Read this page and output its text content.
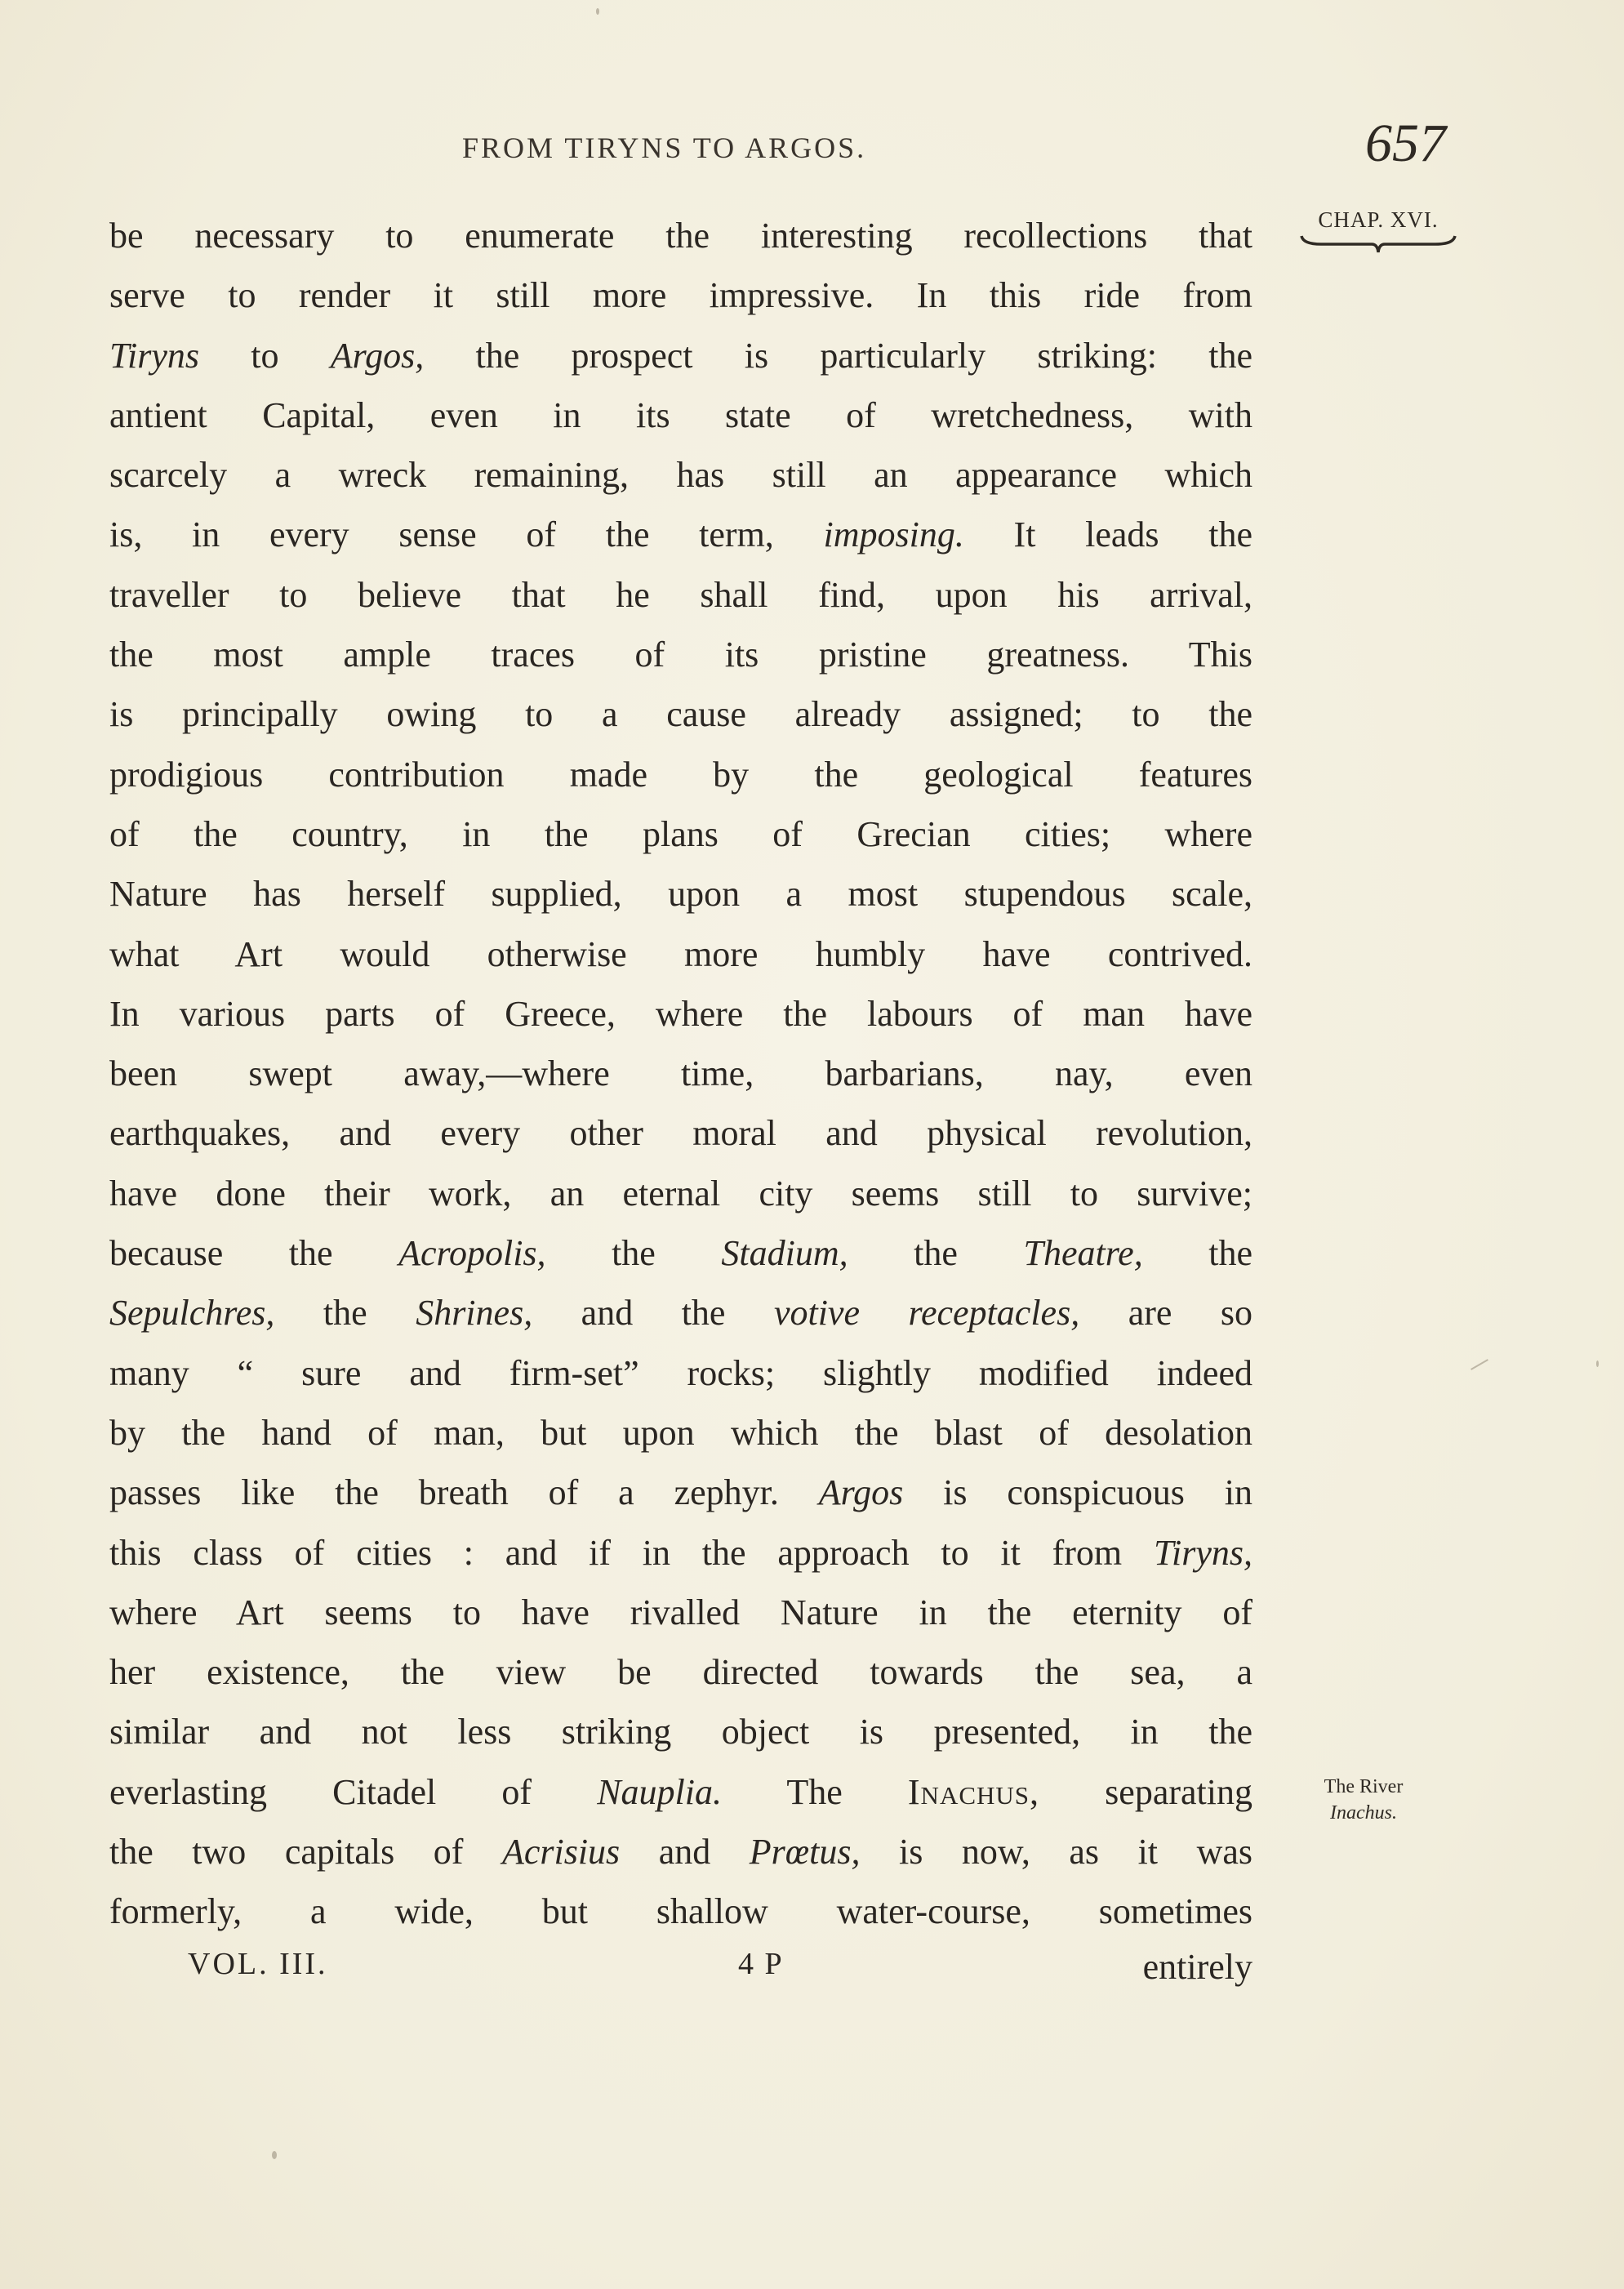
FROM TIRYNS TO ARGOS.	657
CHAP. XVI.
be necessary to enumerate the interesting recollections that
serve to render it still more impressive. In this ride from
Tiryns to Argos, the prospect is particularly striking: the
antient Capital, even in its state of wretchedness, with
scarcely a wreck remaining, has still an appearance which
is, in every sense of the term, imposing. It leads the
traveller to believe that he shall find, upon his arrival,
the most ample traces of its pristine greatness. This
is principally owing to a cause already assigned; to the
prodigious contribution made by the geological features
of the country, in the plans of Grecian cities; where
Nature has herself supplied, upon a most stupendous scale,
what Art would otherwise more humbly have contrived.
In various parts of Greece, where the labours of man have
been swept away,—where time, barbarians, nay, even
earthquakes, and every other moral and physical revolution,
have done their work, an eternal city seems still to survive;
because the Acropolis, the Stadium, the Theatre, the
Sepulchres, the Shrines, and the votive receptacles, are so
many “ sure and firm-set” rocks; slightly modified indeed
by the hand of man, but upon which the blast of desolation
passes like the breath of a zephyr. Argos is conspicuous in
this class of cities : and if in the approach to it from Tiryns,
where Art seems to have rivalled Nature in the eternity of
her existence, the view be directed towards the sea, a
similar and not less striking object is presented, in the
everlasting Citadel of Nauplia. The Inachus, separating
the two capitals of Acrisius and Prœtus, is now, as it was
formerly, a wide, but shallow water-course, sometimes
The River
Inachus.
VOL. III.	4 P	entirely
